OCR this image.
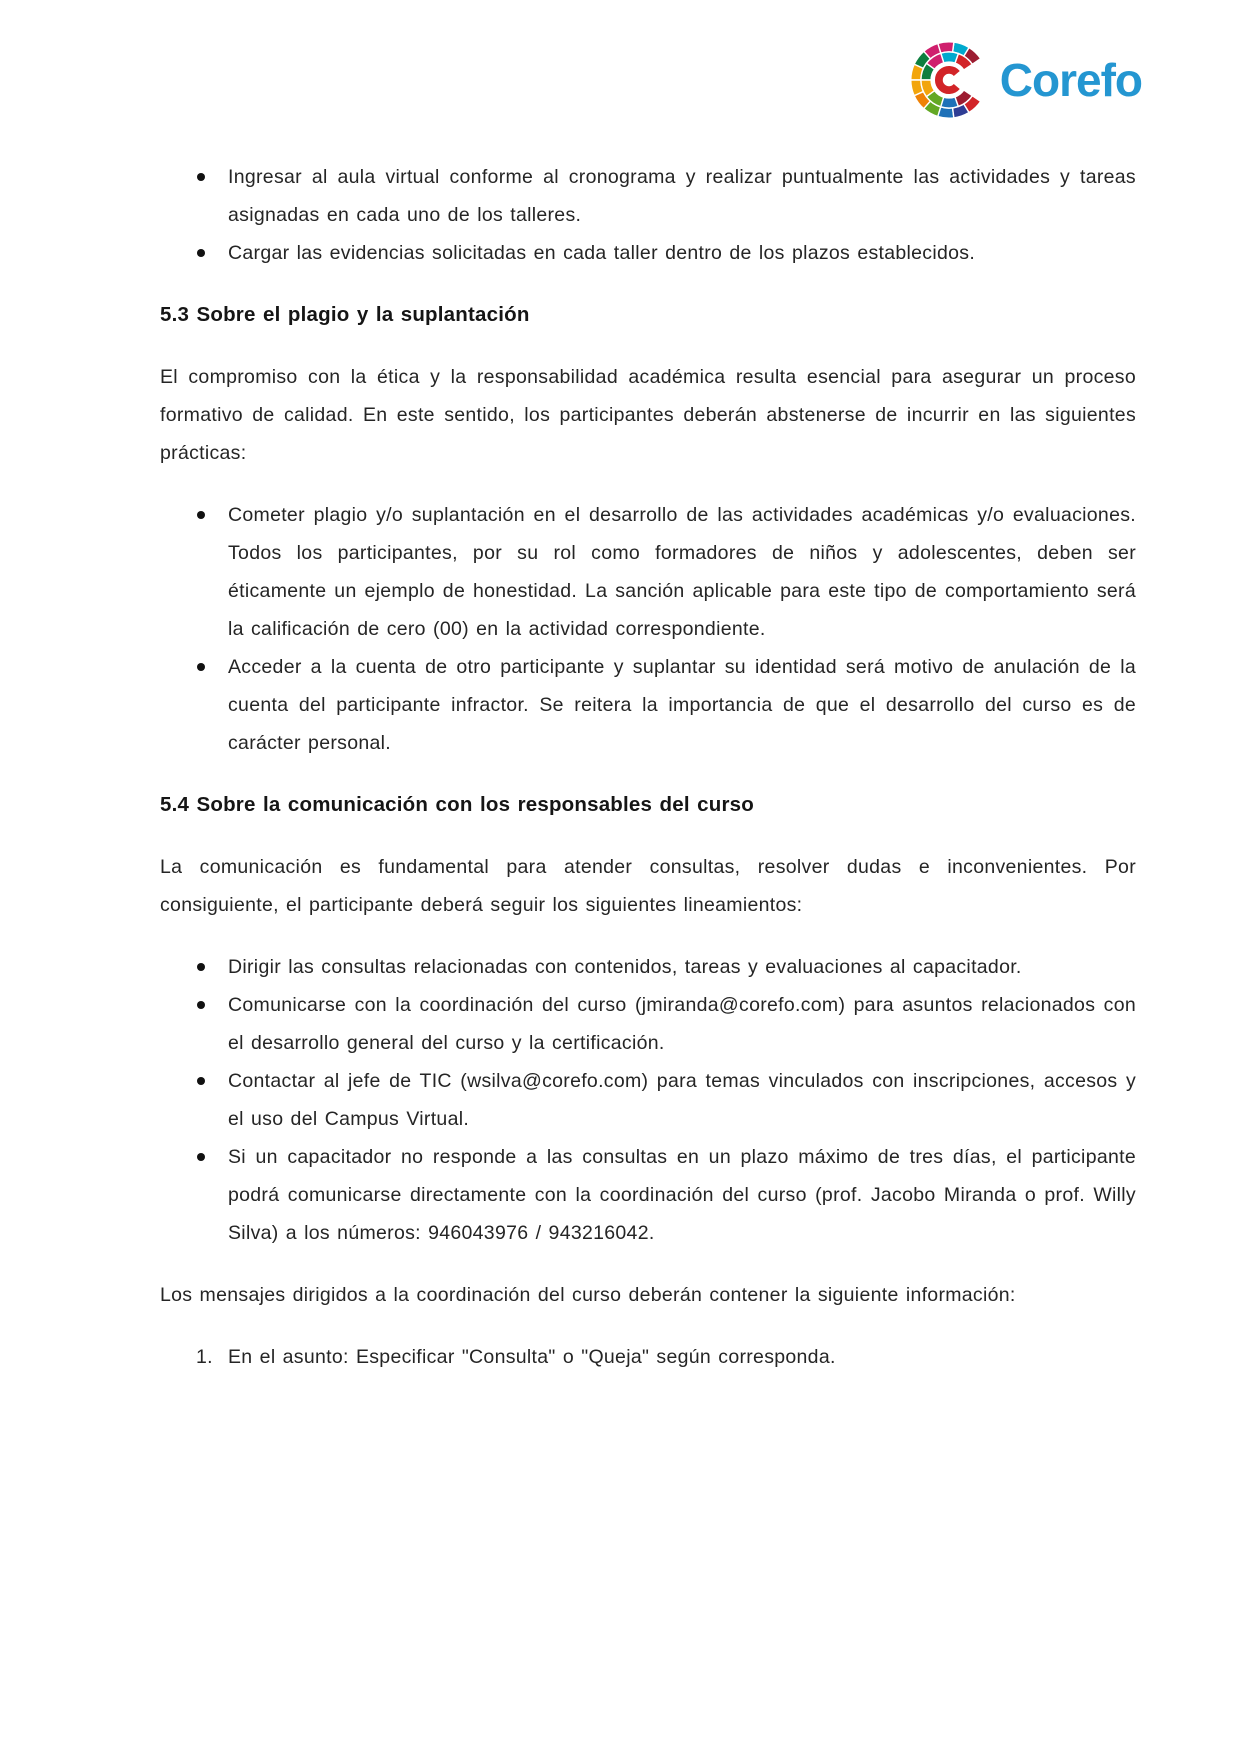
Corefo
Ingresar al aula virtual conforme al cronograma y realizar puntualmente las actividades y tareas asignadas en cada uno de los talleres.
Cargar las evidencias solicitadas en cada taller dentro de los plazos establecidos.
5.3 Sobre el plagio y la suplantación

El compromiso con la ética y la responsabilidad académica resulta esencial para asegurar un proceso formativo de calidad. En este sentido, los participantes deberán abstenerse de incurrir en las siguientes prácticas:

Cometer plagio y/o suplantación en el desarrollo de las actividades académicas y/o evaluaciones. Todos los participantes, por su rol como formadores de niños y adolescentes, deben ser éticamente un ejemplo de honestidad. La sanción aplicable para este tipo de comportamiento será la calificación de cero (00) en la actividad correspondiente.
Acceder a la cuenta de otro participante y suplantar su identidad será motivo de anulación de la cuenta del participante infractor. Se reitera la importancia de que el desarrollo del curso es de carácter personal.
5.4 Sobre la comunicación con los responsables del curso

La comunicación es fundamental para atender consultas, resolver dudas e inconvenientes. Por consiguiente, el participante deberá seguir los siguientes lineamientos:

Dirigir las consultas relacionadas con contenidos, tareas y evaluaciones al capacitador.
Comunicarse con la coordinación del curso (jmiranda@corefo.com) para asuntos relacionados con el desarrollo general del curso y la certificación.
Contactar al jefe de TIC (wsilva@corefo.com) para temas vinculados con inscripciones, accesos y el uso del Campus Virtual.
Si un capacitador no responde a las consultas en un plazo máximo de tres días, el participante podrá comunicarse directamente con la coordinación del curso (prof. Jacobo Miranda o prof. Willy Silva) a los números: 946043976 / 943216042.

Los mensajes dirigidos a la coordinación del curso deberán contener la siguiente información:

1. En el asunto: Especificar "Consulta" o "Queja" según corresponda.
